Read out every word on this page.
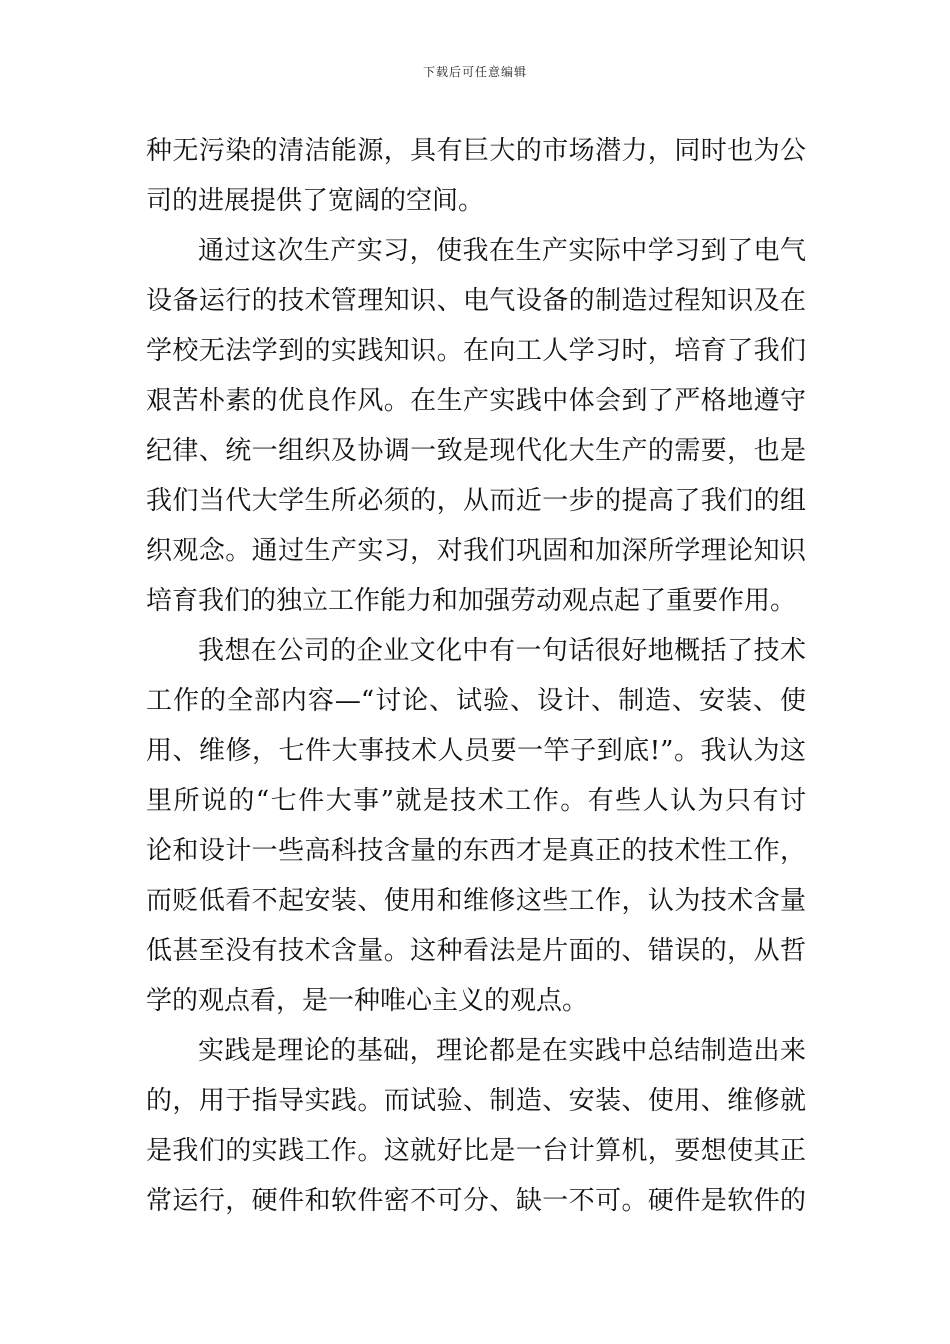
下载后可任意编辑
种无污染的清洁能源，具有巨大的市场潜力，同时也为公
司的进展提供了宽阔的空间。
通过这次生产实习，使我在生产实际中学习到了电气
设备运行的技术管理知识、电气设备的制造过程知识及在
学校无法学到的实践知识。在向工人学习时，培育了我们
艰苦朴素的优良作风。在生产实践中体会到了严格地遵守
纪律、统一组织及协调一致是现代化大生产的需要，也是
我们当代大学生所必须的，从而近一步的提高了我们的组
织观念。通过生产实习，对我们巩固和加深所学理论知识
培育我们的独立工作能力和加强劳动观点起了重要作用。
我想在公司的企业文化中有一句话很好地概括了技术
工作的全部内容—“讨论、试验、设计、制造、安装、使
用、维修，七件大事技术人员要一竿子到底!”。我认为这
里所说的“七件大事”就是技术工作。有些人认为只有讨
论和设计一些高科技含量的东西才是真正的技术性工作，
而贬低看不起安装、使用和维修这些工作，认为技术含量
低甚至没有技术含量。这种看法是片面的、错误的，从哲
学的观点看，是一种唯心主义的观点。
实践是理论的基础，理论都是在实践中总结制造出来
的，用于指导实践。而试验、制造、安装、使用、维修就
是我们的实践工作。这就好比是一台计算机，要想使其正
常运行，硬件和软件密不可分、缺一不可。硬件是软件的
